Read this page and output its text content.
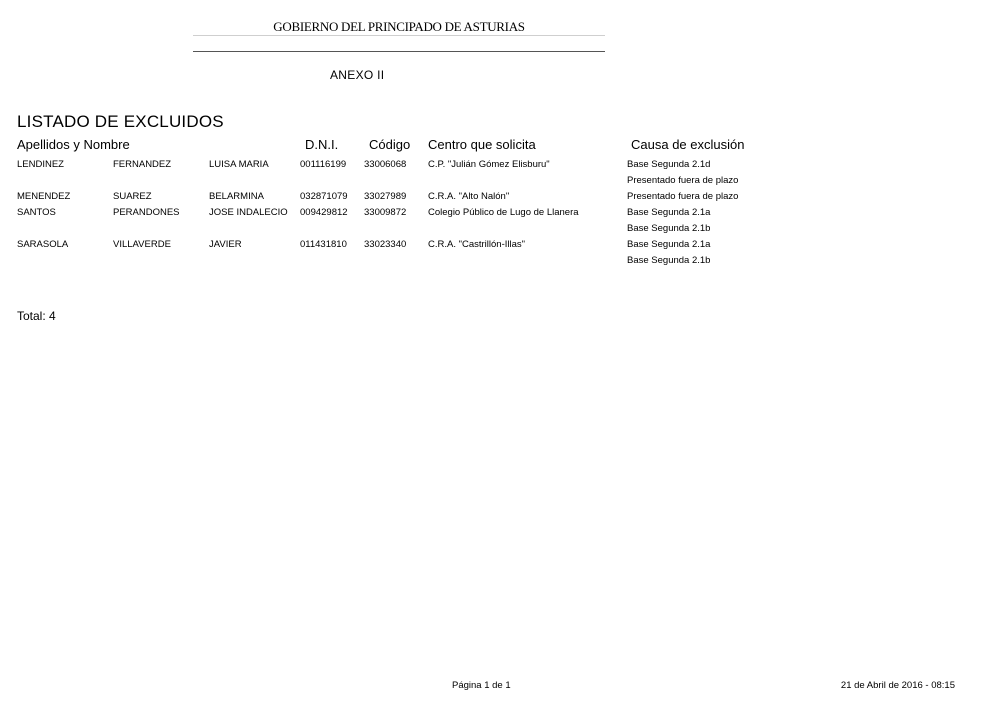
GOBIERNO DEL PRINCIPADO DE ASTURIAS
ANEXO II
LISTADO DE EXCLUIDOS
Apellidos y Nombre	D.N.I. Código Centro que solicita	Causa de exclusión
LENDINEZ	FERNANDEZ	LUISA MARIA	001116199 33006068 C.P. "Julián Gómez Elisburu"	Base Segunda 2.1d
Presentado fuera de plazo
MENENDEZ	SUAREZ	BELARMINA	032871079 33027989 C.R.A. "Alto Nalón"	Presentado fuera de plazo
SANTOS	PERANDONES	JOSE INDALECIO 009429812 33009872 Colegio Público de Lugo de Llanera	Base Segunda 2.1a
Base Segunda 2.1b
SARASOLA	VILLAVERDE	JAVIER	011431810 33023340 C.R.A. "Castrillón-Illas"	Base Segunda 2.1a
Base Segunda 2.1b
Total: 4
Página 1 de 1	21 de Abril de 2016 - 08:15
